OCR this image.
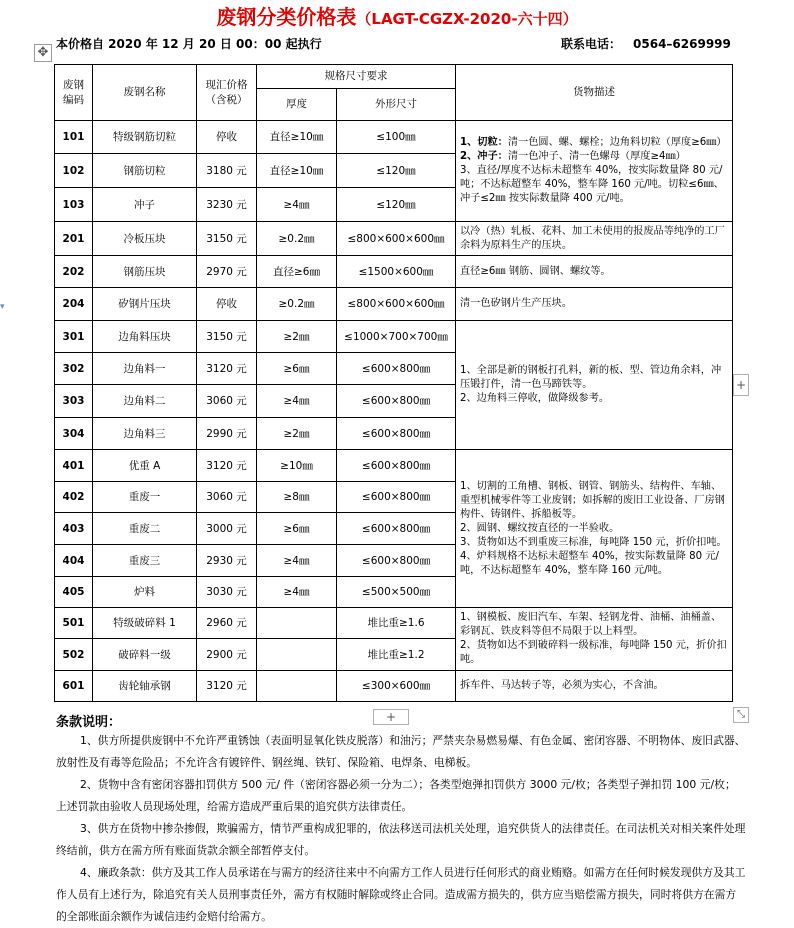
废钢分类价格表（LAGT-CGZX-2020-六十四）
✥
本价格自 2020 年 12 月 20 日 00：00 起执行	联系电话： 0564–6269999
废钢编码	废钢名称	现汇价格（含税）	规格尺寸要求		货物描述
			厚度	外形尺寸	
101	特级钢筋切粒	停收	直径≥10㎜	≤100㎜	1、切粒：清一色圆、螺、螺栓；边角料切粒（厚度≥6㎜）
2、冲子：清一色冲子、清一色螺母（厚度≥4㎜）
3、直径/厚度不达标未超整车 40%，按实际数量降 80 元/吨；不达标超整车 40%，整车降 160 元/吨。切粒≤6㎜、冲子≤2㎜ 按实际数量降 400 元/吨。

102	钢筋切粒	3180 元	直径≥10㎜	≤120㎜	
103	冲子	3230 元	≥4㎜	≤120㎜	
201	冷板压块	3150 元	≥0.2㎜	≤800×600×600㎜	以冷（热）轧板、花料、加工未使用的报废品等纯净的工厂余料为原料生产的压块。
202	钢筋压块	2970 元	直径≥6㎜	≤1500×600㎜	直径≥6㎜ 钢筋、圆钢、螺纹等。
204	矽钢片压块	停收	≥0.2㎜	≤800×600×600㎜	清一色矽钢片生产压块。
301	边角料压块	3150 元	≥2㎜	≤1000×700×700㎜	1、全部是新的钢板打孔料，新的板、型、管边角余料，冲压锻打件，清一色马蹄铁等。
2、边角料三停收，做降级参考。

302	边角料一	3120 元	≥6㎜	≤600×800㎜	
303	边角料二	3060 元	≥4㎜	≤600×800㎜	
304	边角料三	2990 元	≥2㎜	≤600×800㎜	
401	优重 A	3120 元	≥10㎜	≤600×800㎜	1、切割的工角槽、钢板、钢管、钢筋头、结构件、车轴、重型机械零件等工业废钢；如拆解的废旧工业设备、厂房钢构件、铸钢件、拆船板等。
2、圆钢、螺纹按直径的一半验收。
3、货物如达不到重废三标准，每吨降 150 元，折价扣吨。
4、炉料规格不达标未超整车 40%，按实际数量降 80 元/吨，不达标超整车 40%，整车降 160 元/吨。

402	重废一	3060 元	≥8㎜	≤600×800㎜	
403	重废二	3000 元	≥6㎜	≤600×800㎜	
404	重废三	2930 元	≥4㎜	≤600×800㎜	
405	炉料	3030 元	≥4㎜	≤500×500㎜	
501	特级破碎料 1	2960 元		堆比重≥1.6	1、钢模板、废旧汽车、车架、轻钢龙骨、油桶、油桶盖、彩钢瓦、铁皮料等但不局限于以上料型。
2、货物如达不到破碎料一级标准，每吨降 150 元，折价扣吨。

502	破碎料一级	2900 元		堆比重≥1.2	
601	齿轮轴承钢	3120 元		≤300×600㎜	拆车件、马达转子等，必须为实心，不含油。
+
+	⤡
▾
条款说明：

1、供方所提供废钢中不允许严重锈蚀（表面明显氧化铁皮脱落）和油污；严禁夹杂易燃易爆、有色金属、密闭容器、不明物体、废旧武器、放射性及有毒等危险品；不允许含有镀锌件、钢丝绳、铁钉、保险箱、电焊条、电梯板。

2、货物中含有密闭容器扣罚供方 500 元/ 件（密闭容器必须一分为二）；各类型炮弹扣罚供方 3000 元/枚；各类型子弹扣罚 100 元/枚；上述罚款由验收人员现场处理，给需方造成严重后果的追究供方法律责任。

3、供方在货物中掺杂掺假，欺骗需方，情节严重构成犯罪的，依法移送司法机关处理，追究供货人的法律责任。在司法机关对相关案件处理终结前，供方在需方所有账面货款余额全部暂停支付。

4、廉政条款：供方及其工作人员承诺在与需方的经济往来中不向需方工作人员进行任何形式的商业贿赂。如需方在任何时候发现供方及其工作人员有上述行为，除追究有关人员刑事责任外，需方有权随时解除或终止合同。造成需方损失的，供方应当赔偿需方损失，同时将供方在需方的全部账面余额作为诚信违约金赔付给需方。
